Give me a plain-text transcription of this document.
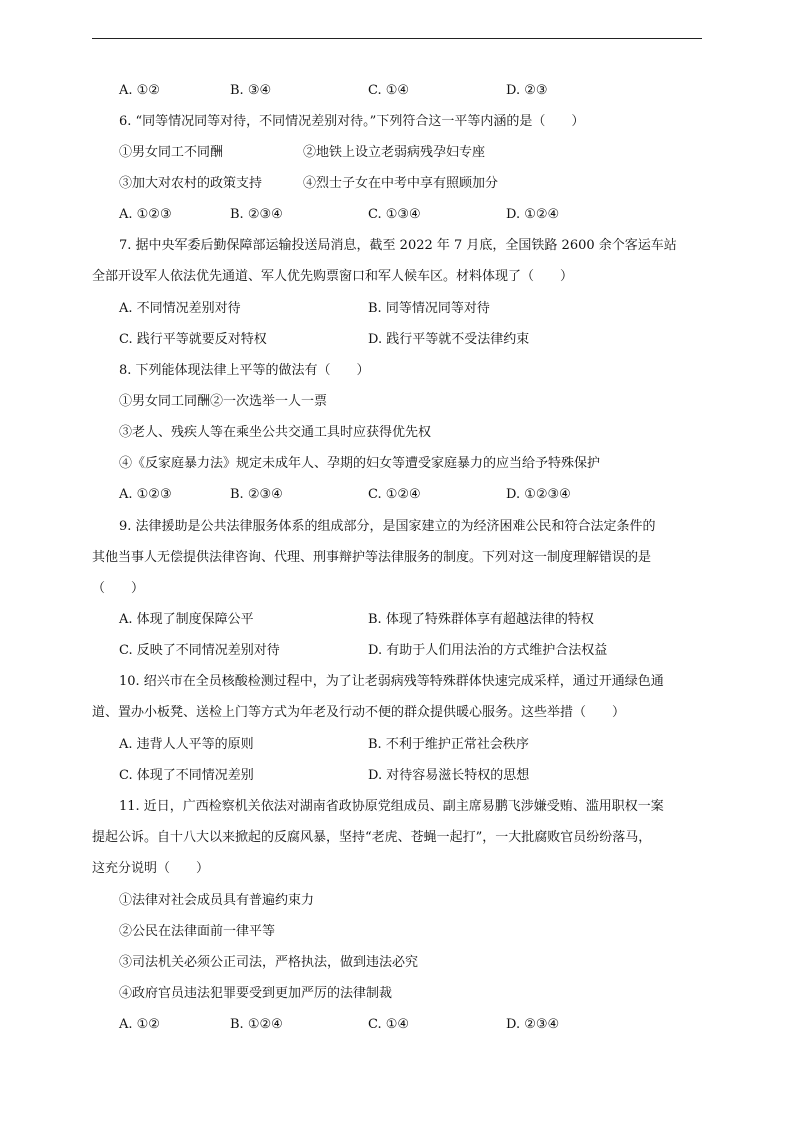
A. ①②	B. ③④	C. ①④	D. ②③
6. “同等情况同等对待，不同情况差别对待。”下列符合这一平等内涵的是（　　）
①男女同工不同酬	②地铁上设立老弱病残孕妇专座
③加大对农村的政策支持	④烈士子女在中考中享有照顾加分
A. ①②③	B. ②③④	C. ①③④	D. ①②④
7. 据中央军委后勤保障部运输投送局消息，截至 2022 年 7 月底，全国铁路 2600 余个客运车站
全部开设军人依法优先通道、军人优先购票窗口和军人候车区。材料体现了（　　）
A. 不同情况差别对待	B. 同等情况同等对待
C. 践行平等就要反对特权	D. 践行平等就不受法律约束
8. 下列能体现法律上平等的做法有（　　）
①男女同工同酬②一次选举一人一票
③老人、残疾人等在乘坐公共交通工具时应获得优先权
④《反家庭暴力法》规定未成年人、孕期的妇女等遭受家庭暴力的应当给予特殊保护
A. ①②③	B. ②③④	C. ①②④	D. ①②③④
9. 法律援助是公共法律服务体系的组成部分，是国家建立的为经济困难公民和符合法定条件的
其他当事人无偿提供法律咨询、代理、刑事辩护等法律服务的制度。下列对这一制度理解错误的是
（　　）
A. 体现了制度保障公平	B. 体现了特殊群体享有超越法律的特权
C. 反映了不同情况差别对待	D. 有助于人们用法治的方式维护合法权益
10. 绍兴市在全员核酸检测过程中，为了让老弱病残等特殊群体快速完成采样，通过开通绿色通
道、置办小板凳、送检上门等方式为年老及行动不便的群众提供暖心服务。这些举措（　　）
A. 违背人人平等的原则	B. 不利于维护正常社会秩序
C. 体现了不同情况差别	D. 对待容易滋长特权的思想
11. 近日，广西检察机关依法对湖南省政协原党组成员、副主席易鹏飞涉嫌受贿、滥用职权一案
提起公诉。自十八大以来掀起的反腐风暴，坚持“老虎、苍蝇一起打”，一大批腐败官员纷纷落马，
这充分说明（　　）
①法律对社会成员具有普遍约束力
②公民在法律面前一律平等
③司法机关必须公正司法，严格执法，做到违法必究
④政府官员违法犯罪要受到更加严厉的法律制裁
A. ①②	B. ①②④	C. ①④	D. ②③④
